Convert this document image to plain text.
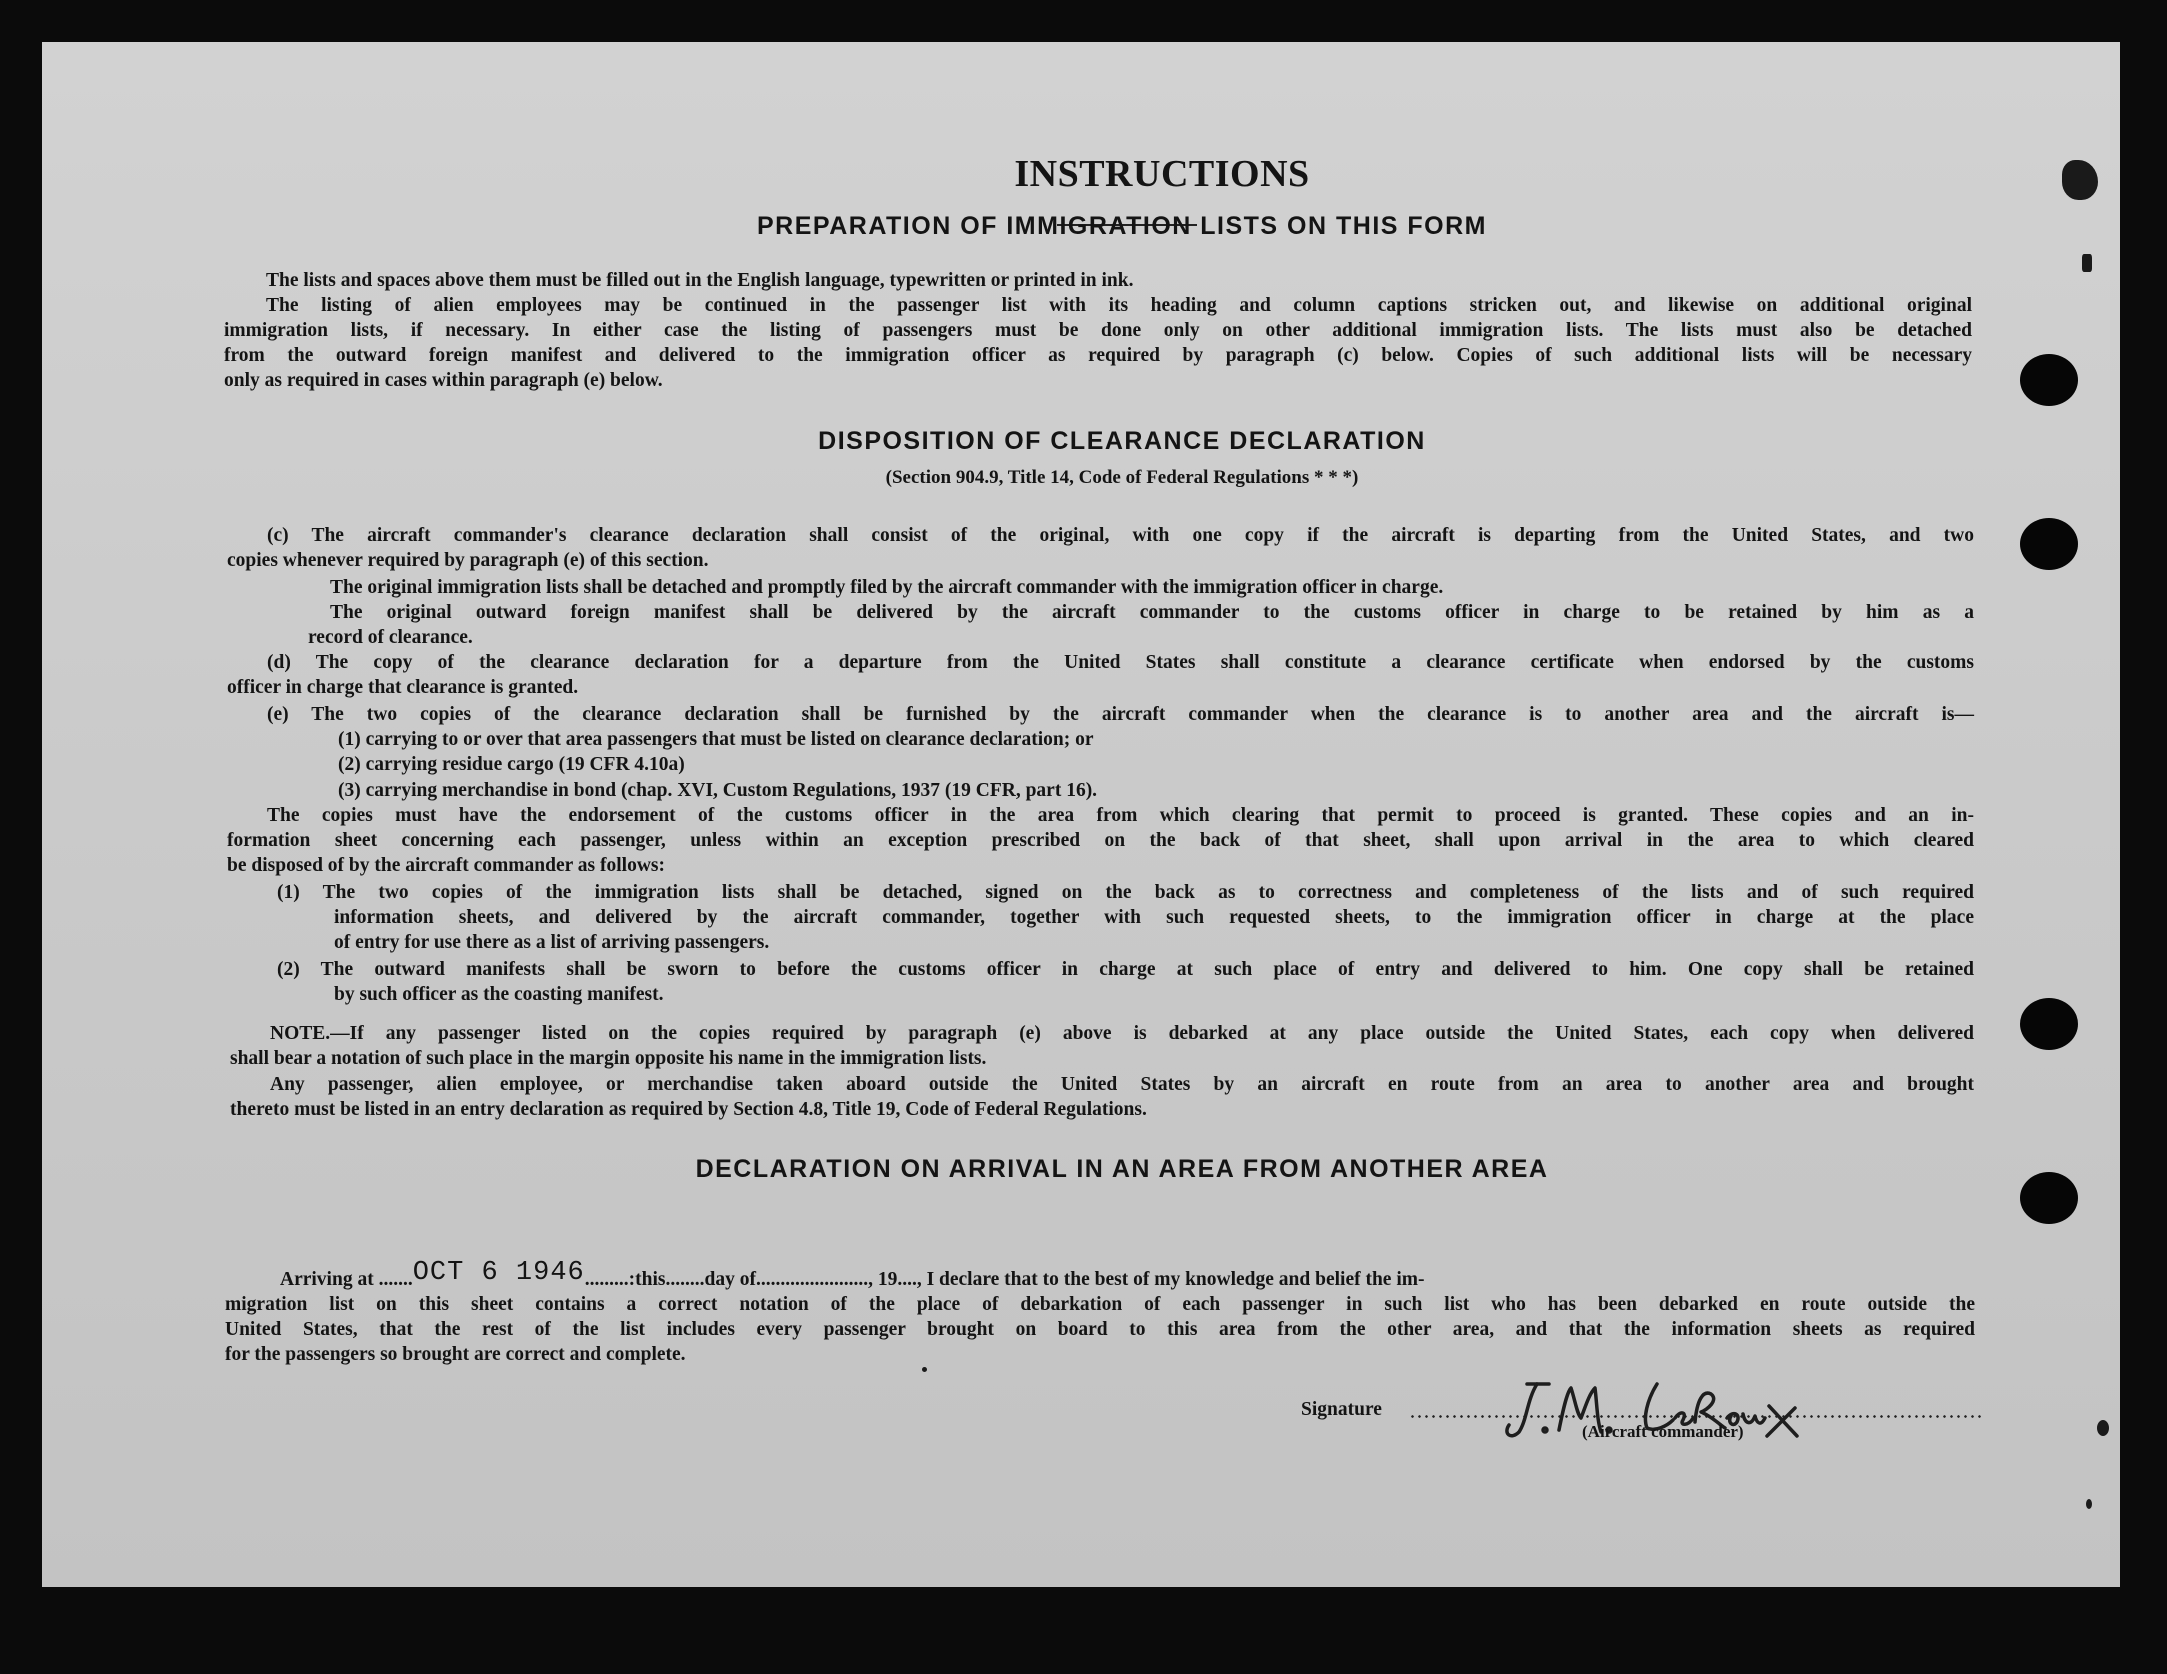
INSTRUCTIONS
PREPARATION OF IMMIGRATION LISTS ON THIS FORM
The lists and spaces above them must be filled out in the English language, typewritten or printed in ink.
The listing of alien employees may be continued in the passenger list with its heading and column captions stricken out, and likewise on additional original
immigration lists, if necessary. In either case the listing of passengers must be done only on other additional immigration lists. The lists must also be detached
from the outward foreign manifest and delivered to the immigration officer as required by paragraph (c) below. Copies of such additional lists will be necessary
only as required in cases within paragraph (e) below.
DISPOSITION OF CLEARANCE DECLARATION
(Section 904.9, Title 14, Code of Federal Regulations * * *)
(c) The aircraft commander's clearance declaration shall consist of the original, with one copy if the aircraft is departing from the United States, and two
copies whenever required by paragraph (e) of this section.
The original immigration lists shall be detached and promptly filed by the aircraft commander with the immigration officer in charge.
The original outward foreign manifest shall be delivered by the aircraft commander to the customs officer in charge to be retained by him as a
record of clearance.
(d) The copy of the clearance declaration for a departure from the United States shall constitute a clearance certificate when endorsed by the customs
officer in charge that clearance is granted.
(e) The two copies of the clearance declaration shall be furnished by the aircraft commander when the clearance is to another area and the aircraft is—
(1) carrying to or over that area passengers that must be listed on clearance declaration; or
(2) carrying residue cargo (19 CFR 4.10a)
(3) carrying merchandise in bond (chap. XVI, Custom Regulations, 1937 (19 CFR, part 16).
The copies must have the endorsement of the customs officer in the area from which clearing that permit to proceed is granted. These copies and an in-
formation sheet concerning each passenger, unless within an exception prescribed on the back of that sheet, shall upon arrival in the area to which cleared
be disposed of by the aircraft commander as follows:
(1) The two copies of the immigration lists shall be detached, signed on the back as to correctness and completeness of the lists and of such required
information sheets, and delivered by the aircraft commander, together with such requested sheets, to the immigration officer in charge at the place
of entry for use there as a list of arriving passengers.
(2) The outward manifests shall be sworn to before the customs officer in charge at such place of entry and delivered to him. One copy shall be retained
by such officer as the coasting manifest.
NOTE.—If any passenger listed on the copies required by paragraph (e) above is debarked at any place outside the United States, each copy when delivered
shall bear a notation of such place in the margin opposite his name in the immigration lists.
Any passenger, alien employee, or merchandise taken aboard outside the United States by an aircraft en route from an area to another area and brought
thereto must be listed in an entry declaration as required by Section 4.8, Title 19, Code of Federal Regulations.
DECLARATION ON ARRIVAL IN AN AREA FROM ANOTHER AREA
Arriving at ....... OCT 6 1946 .........: this ........ day of ....................... , 19 .... , I declare that to the best of my knowledge and belief the im-
migration list on this sheet contains a correct notation of the place of debarkation of each passenger in such list who has been debarked en route outside the
United States, that the rest of the list includes every passenger brought on board to this area from the other area, and that the information sheets as required
for the passengers so brought are correct and complete.
Signature
(Aircraft commander)
